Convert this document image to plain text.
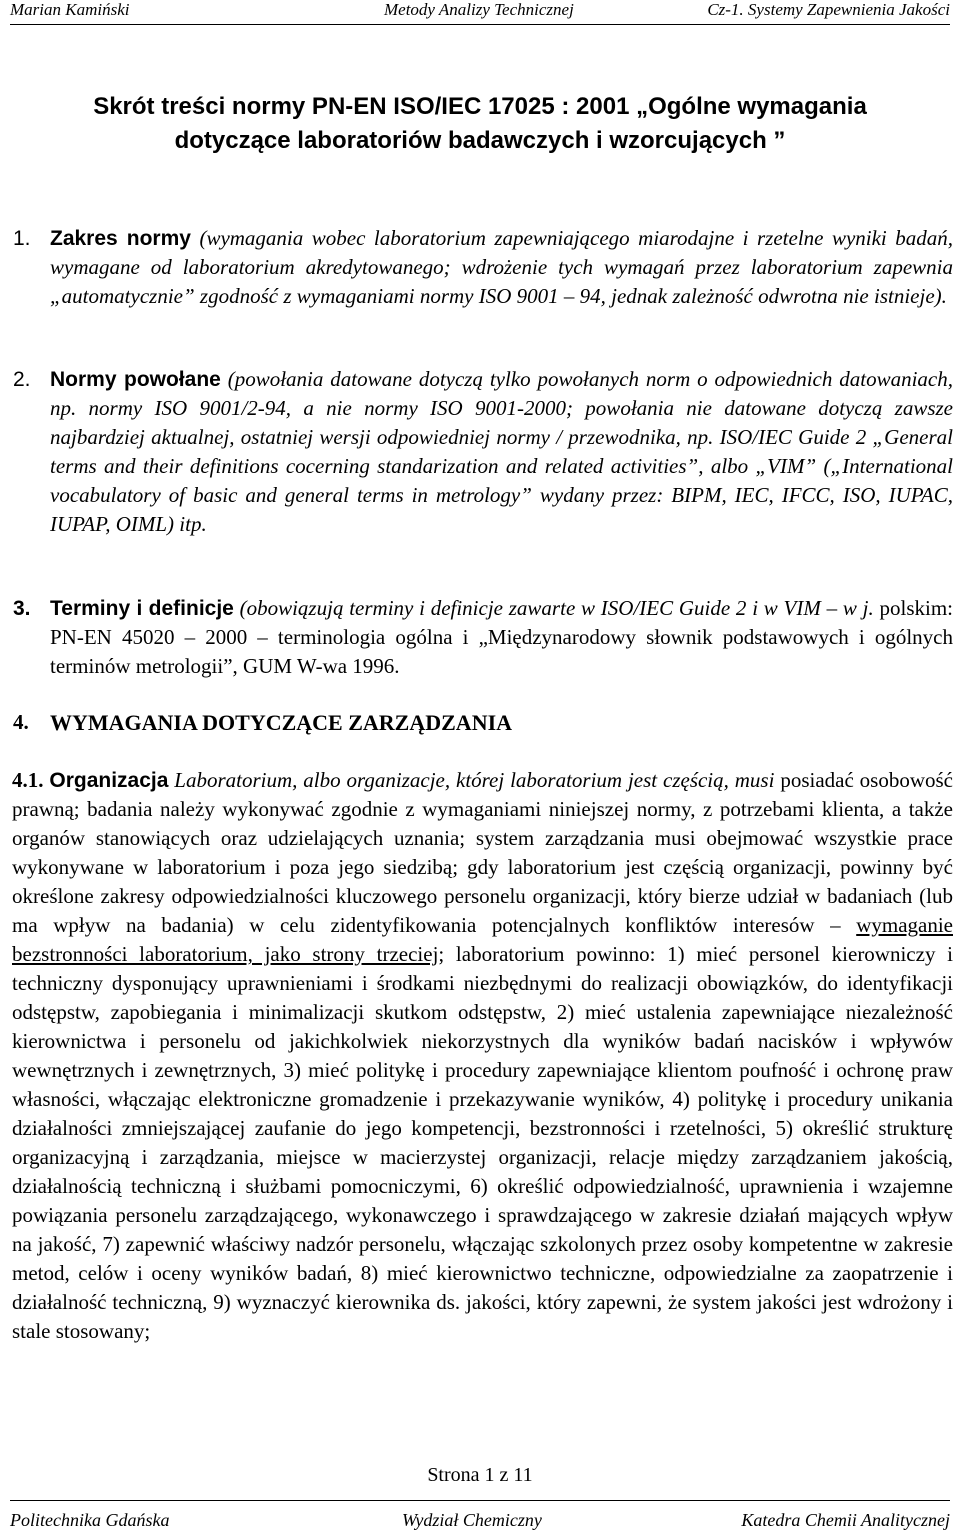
Marian Kamiński	Metody Analizy Technicznej	Cz-1. Systemy Zapewnienia Jakości
Skrót treści normy PN-EN ISO/IEC 17025 : 2001 „Ogólne wymagania
dotyczące laboratoriów badawczych i wzorcujących ”
1. Zakres normy (wymagania wobec laboratorium zapewniającego miarodajne i rzetelne wyniki badań, wymagane od laboratorium akredytowanego; wdrożenie tych wymagań przez laboratorium zapewnia „automatycznie” zgodność z wymaganiami normy ISO 9001 – 94, jednak zależność odwrotna nie istnieje).
2. Normy powołane (powołania datowane dotyczą tylko powołanych norm o odpowiednich datowaniach, np. normy ISO 9001/2-94, a nie normy ISO 9001-2000; powołania nie datowane dotyczą zawsze najbardziej aktualnej, ostatniej wersji odpowiedniej normy / przewodnika, np. ISO/IEC Guide 2 „General terms and their definitions cocerning standarization and related activities”, albo „VIM” („International vocabulatory of basic and general terms in metrology” wydany przez: BIPM, IEC, IFCC, ISO, IUPAC, IUPAP, OIML) itp.
3. Terminy i definicje (obowiązują terminy i definicje zawarte w ISO/IEC Guide 2 i w VIM – w j. polskim: PN-EN 45020 – 2000 – terminologia ogólna i „Międzynarodowy słownik podstawowych i ogólnych terminów metrologii”, GUM W-wa 1996.
4. WYMAGANIA DOTYCZĄCE ZARZĄDZANIA
4.1. Organizacja Laboratorium, albo organizacje, której laboratorium jest częścią, musi posiadać osobowość prawną; badania należy wykonywać zgodnie z wymaganiami niniejszej normy, z potrzebami klienta, a także organów stanowiących oraz udzielających uznania; system zarządzania musi obejmować wszystkie prace wykonywane w laboratorium i poza jego siedzibą; gdy laboratorium jest częścią organizacji, powinny być określone zakresy odpowiedzialności kluczowego personelu organizacji, który bierze udział w badaniach (lub ma wpływ na badania) w celu zidentyfikowania potencjalnych konfliktów interesów – wymaganie bezstronności laboratorium, jako strony trzeciej; laboratorium powinno: 1) mieć personel kierowniczy i techniczny dysponujący uprawnieniami i środkami niezbędnymi do realizacji obowiązków, do identyfikacji odstępstw, zapobiegania i minimalizacji skutkom odstępstw, 2) mieć ustalenia zapewniające niezależność kierownictwa i personelu od jakichkolwiek niekorzystnych dla wyników badań nacisków i wpływów wewnętrznych i zewnętrznych, 3) mieć politykę i procedury zapewniające klientom poufność i ochronę praw własności, włączając elektroniczne gromadzenie i przekazywanie wyników, 4) politykę i procedury unikania działalności zmniejszającej zaufanie do jego kompetencji, bezstronności i rzetelności, 5) określić strukturę organizacyjną i zarządzania, miejsce w macierzystej organizacji, relacje między zarządzaniem jakością, działalnością techniczną i służbami pomocniczymi, 6) określić odpowiedzialność, uprawnienia i wzajemne powiązania personelu zarządzającego, wykonawczego i sprawdzającego w zakresie działań mających wpływ na jakość, 7) zapewnić właściwy nadzór personelu, włączając szkolonych przez osoby kompetentne w zakresie metod, celów i oceny wyników badań, 8) mieć kierownictwo techniczne, odpowiedzialne za zaopatrzenie i działalność techniczną, 9) wyznaczyć kierownika ds. jakości, który zapewni, że system jakości jest wdrożony i stale stosowany;
Strona 1 z 11
Politechnika Gdańska	Wydział Chemiczny	Katedra Chemii Analitycznej
